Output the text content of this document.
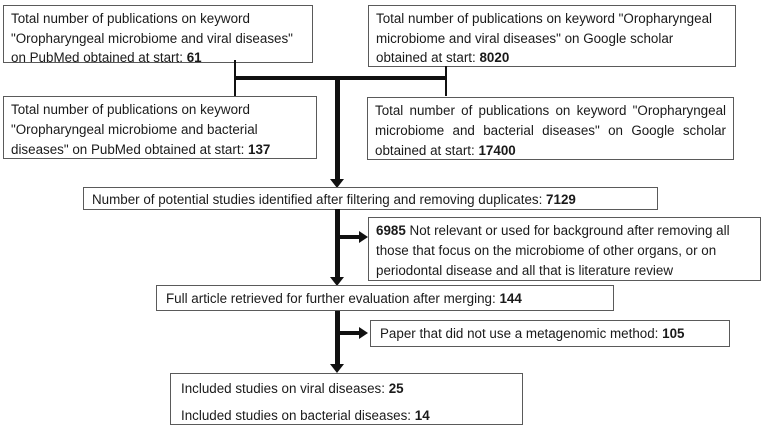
Total number of publications on keyword "Oropharyngeal microbiome and viral diseases" on PubMed obtained at start: 61
Total number of publications on keyword "Oropharyngeal microbiome and viral diseases" on Google scholar obtained at start: 8020
Total number of publications on keyword "Oropharyngeal microbiome and bacterial diseases" on PubMed obtained at start: 137
Total number of publications on keyword "Oropharyngeal microbiome and bacterial diseases" on Google scholar obtained at start: 17400
Number of potential studies identified after filtering and removing duplicates: 7129
6985 Not relevant or used for background after removing all those that focus on the microbiome of other organs, or on periodontal disease and all that is literature review
Full article retrieved for further evaluation after merging: 144
Paper that did not use a metagenomic method: 105
Included studies on viral diseases: 25
Included studies on bacterial diseases: 14
